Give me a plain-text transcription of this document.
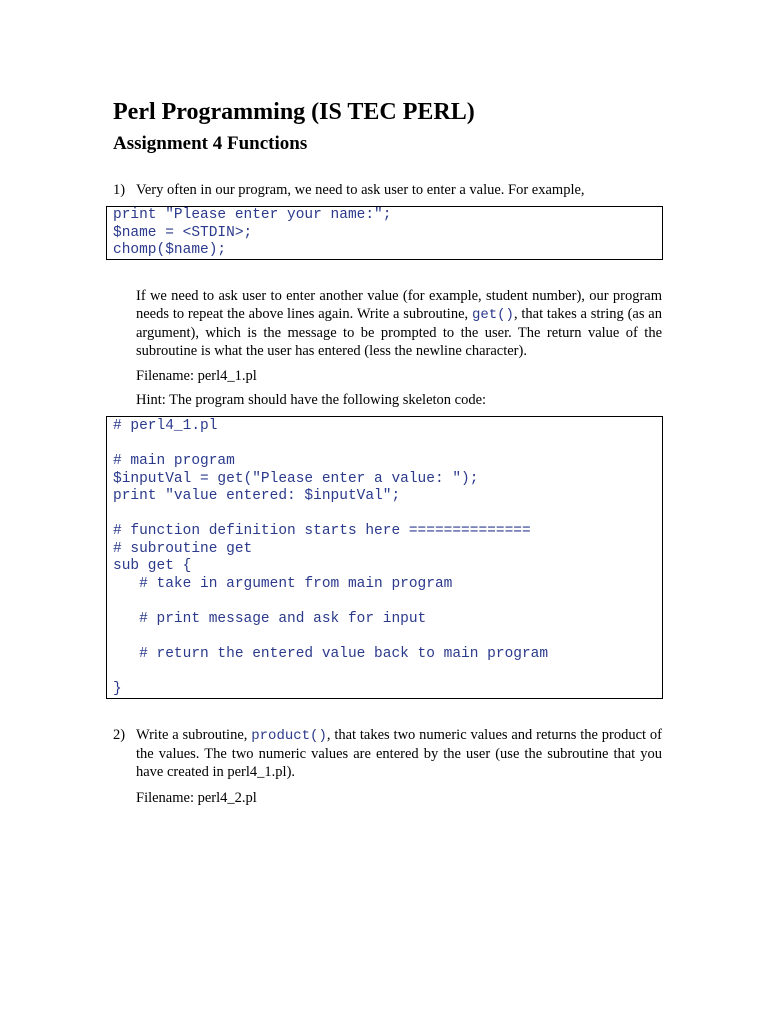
Perl Programming (IS TEC PERL)
Assignment 4 Functions
1) Very often in our program, we need to ask user to enter a value. For example,
print "Please enter your name:";
$name = <STDIN>;
chomp($name);
If we need to ask user to enter another value (for example, student number), our program needs to repeat the above lines again. Write a subroutine, get(), that takes a string (as an argument), which is the message to be prompted to the user. The return value of the subroutine is what the user has entered (less the newline character).
Filename: perl4_1.pl
Hint: The program should have the following skeleton code:
# perl4_1.pl
# main program
$inputVal = get("Please enter a value: ");
print "value entered: $inputVal";
# function definition starts here ==============
# subroutine get
sub get {
# take in argument from main program
# print message and ask for input
# return the entered value back to main program
}
2) Write a subroutine, product(), that takes two numeric values and returns the product of the values. The two numeric values are entered by the user (use the subroutine that you have created in perl4_1.pl).
Filename: perl4_2.pl
